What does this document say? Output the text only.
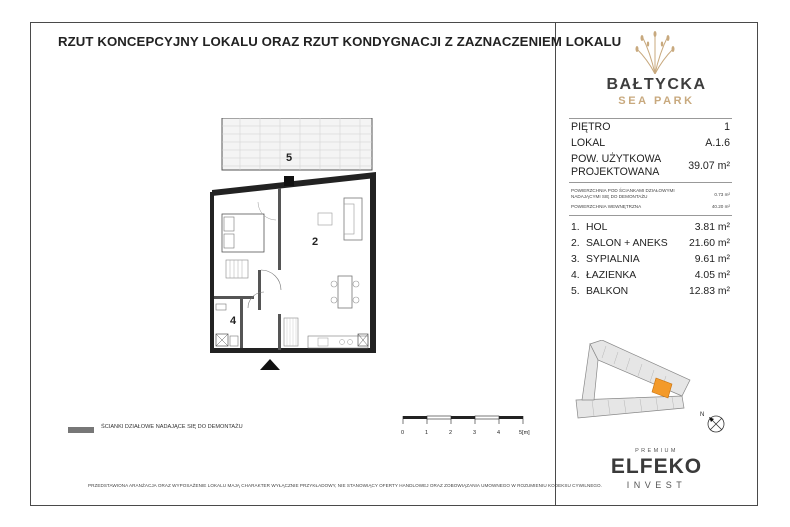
RZUT KONCEPCYJNY LOKALU ORAZ RZUT KONDYGNACJI Z ZAZNACZENIEM LOKALU
5
2
4
ŚCIANKI DZIAŁOWE NADAJĄCE SIĘ DO DEMONTAŻU
0	1	2	3	4	5[m]
PRZEDSTAWIONA ARANŻACJA ORAZ WYPOSAŻENIE LOKALU MAJĄ CHARAKTER WYŁĄCZNIE PRZYKŁADOWY, NIE STANOWIĄCY OFERTY HANDLOWEJ ORAZ ZOBOWIĄZANIA UMOWNEGO W ROZUMIENIU KODEKSU CYWILNEGO.
BAŁTYCKA
SEA PARK
PIĘTRO	1
LOKAL	A.1.6
POW. UŻYTKOWA
PROJEKTOWANA	39.07 m²
POWIERZCHNIA POD ŚCIANKAMI DZIAŁOWYMI
NADAJĄCYMI SIĘ DO DEMONTAŻU	0.73 m²
POWIERZCHNIA WEWNĘTRZNA	40.20 m²
1. HOL	3.81 m²
2. SALON + ANEKS 21.60 m²
3. SYPIALNIA	9.61 m²
4. ŁAZIENKA	4.05 m²
5. BALKON	12.83 m²
N
PREMIUM
ELFEKO
INVEST
